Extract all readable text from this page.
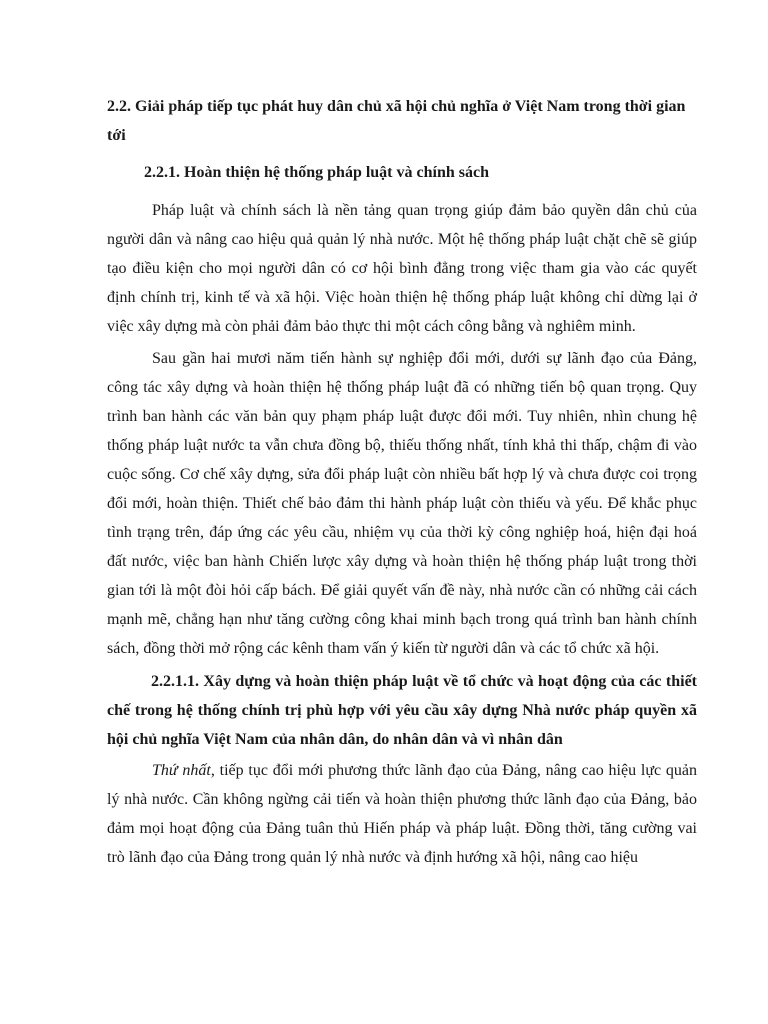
2.2. Giải pháp tiếp tục phát huy dân chủ xã hội chủ nghĩa ở Việt Nam trong thời gian tới

2.2.1. Hoàn thiện hệ thống pháp luật và chính sách

Pháp luật và chính sách là nền tảng quan trọng giúp đảm bảo quyền dân chủ của người dân và nâng cao hiệu quả quản lý nhà nước. Một hệ thống pháp luật chặt chẽ sẽ giúp tạo điều kiện cho mọi người dân có cơ hội bình đẳng trong việc tham gia vào các quyết định chính trị, kinh tế và xã hội. Việc hoàn thiện hệ thống pháp luật không chỉ dừng lại ở việc xây dựng mà còn phải đảm bảo thực thi một cách công bằng và nghiêm minh.

Sau gần hai mươi năm tiến hành sự nghiệp đổi mới, dưới sự lãnh đạo của Đảng, công tác xây dựng và hoàn thiện hệ thống pháp luật đã có những tiến bộ quan trọng. Quy trình ban hành các văn bản quy phạm pháp luật được đổi mới. Tuy nhiên, nhìn chung hệ thống pháp luật nước ta vẫn chưa đồng bộ, thiếu thống nhất, tính khả thi thấp, chậm đi vào cuộc sống. Cơ chế xây dựng, sửa đổi pháp luật còn nhiều bất hợp lý và chưa được coi trọng đổi mới, hoàn thiện. Thiết chế bảo đảm thi hành pháp luật còn thiếu và yếu. Để khắc phục tình trạng trên, đáp ứng các yêu cầu, nhiệm vụ của thời kỳ công nghiệp hoá, hiện đại hoá đất nước, việc ban hành Chiến lược xây dựng và hoàn thiện hệ thống pháp luật trong thời gian tới là một đòi hỏi cấp bách. Để giải quyết vấn đề này, nhà nước cần có những cải cách mạnh mẽ, chẳng hạn như tăng cường công khai minh bạch trong quá trình ban hành chính sách, đồng thời mở rộng các kênh tham vấn ý kiến từ người dân và các tổ chức xã hội.

2.2.1.1. Xây dựng và hoàn thiện pháp luật về tổ chức và hoạt động của các thiết chế trong hệ thống chính trị phù hợp với yêu cầu xây dựng Nhà nước pháp quyền xã hội chủ nghĩa Việt Nam của nhân dân, do nhân dân và vì nhân dân

Thứ nhất, tiếp tục đổi mới phương thức lãnh đạo của Đảng, nâng cao hiệu lực quản lý nhà nước. Cần không ngừng cải tiến và hoàn thiện phương thức lãnh đạo của Đảng, bảo đảm mọi hoạt động của Đảng tuân thủ Hiến pháp và pháp luật. Đồng thời, tăng cường vai trò lãnh đạo của Đảng trong quản lý nhà nước và định hướng xã hội, nâng cao hiệu
